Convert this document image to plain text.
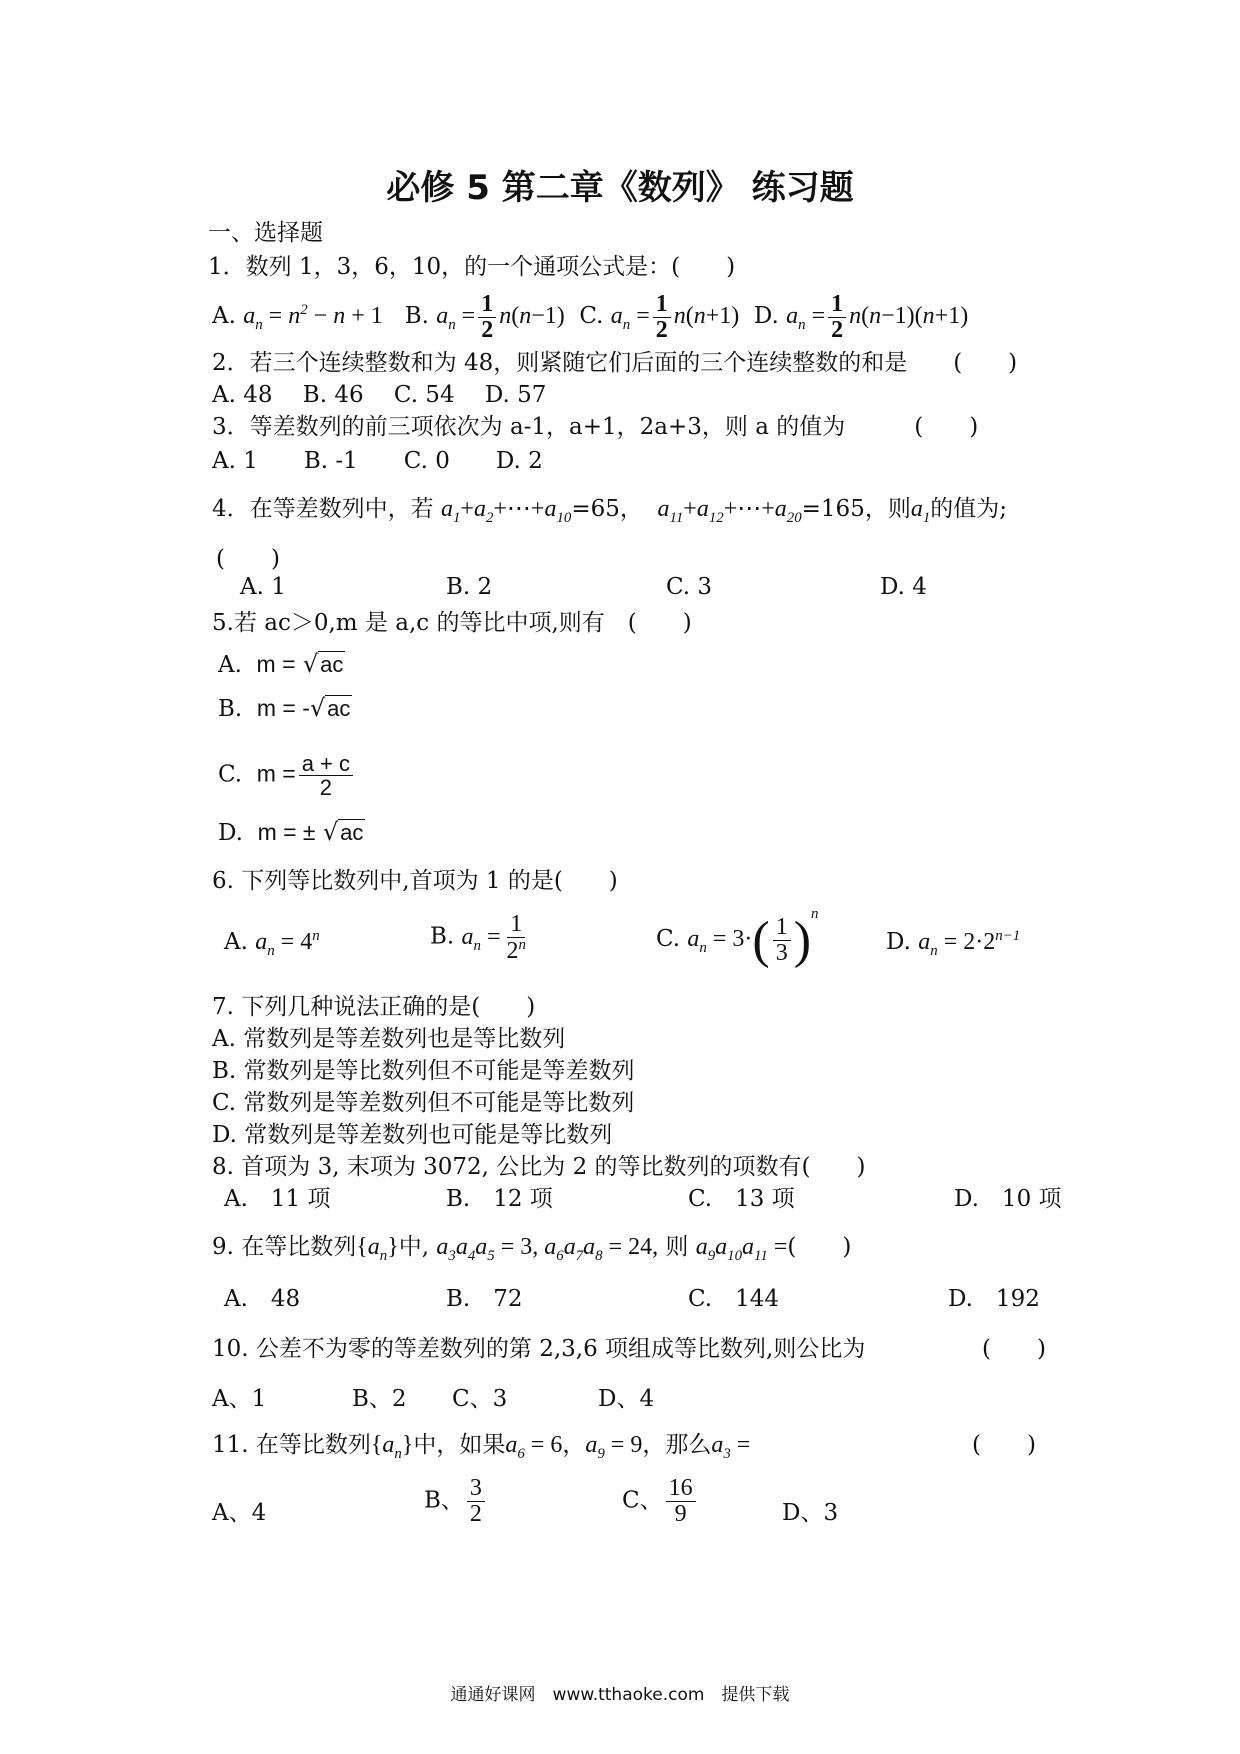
必修 5 第二章《数列》 练习题
一、选择题
1．数列 1，3，6，10，的一个通项公式是：(　　)
A. $a_n = n^2 - n + 1$ B. $a_n = \frac{1}{2} n(n-1)$ C. $a_n = \frac{1}{2} n(n+1)$ D. $a_n = \frac{1}{2} n(n-1)(n+1)$
2．若三个连续整数和为 48，则紧随它们后面的三个连续整数的和是　　(　　)
A. 48　 B. 46　 C. 54　 D. 57
3．等差数列的前三项依次为 a-1，a+1，2a+3，则 a 的值为　　　(　　)
A. 1　　B. -1　　C. 0　　D. 2
4．在等差数列中，若 $a_1+a_2+\cdots+a_{10}=65$， $a_{11}+a_{12}+\cdots+a_{20}=165$，则$a_1$的值为;
(　　)
A. 1	B. 2	C. 3	D. 4
5.若 ac＞0,m 是 a,c 的等比中项,则有　(　　)
A. m = √ac
B. m = -√ac
C. $m = \frac{a + c}{2}$
D. m = ± √ac
6. 下列等比数列中,首项为 1 的是(　　)
A. $a_n = 4^n$	B. $a_n = \frac{1}{2^n}$	C. $a_n = 3\cdot( \frac{1}{3} )^n$
D. $a_n = 2\cdot 2^{n-1}$
7. 下列几种说法正确的是(　　)
A. 常数列是等差数列也是等比数列
B. 常数列是等比数列但不可能是等差数列
C. 常数列是等差数列但不可能是等比数列
D. 常数列是等差数列也可能是等比数列
8. 首项为 3, 末项为 3072, 公比为 2 的等比数列的项数有(　　)
A.　11 项	B.　12 项	C.　13 项	D.　10 项
9. 在等比数列$\{a_n\}$中, $a_3a_4a_5 = 3$, $a_6a_7a_8 = 24$, 则 $a_9a_{10}a_{11}$ =(　　)
A.　48	B.　72	C.　144	D.　192
10. 公差不为零的等差数列的第 2,3,6 项组成等比数列,则公比为	(　　)
A、1	B、2 C、3	D、4
11. 在等比数列$\{a_n\}$中，如果$a_6 = 6$，$a_9 = 9$，那么$a_3$ =	(　　)
A、4	B、 $\frac{3}{2}$	C、 $\frac{16}{9}$	D、3
通通好课网　www.tthaoke.com　提供下载
